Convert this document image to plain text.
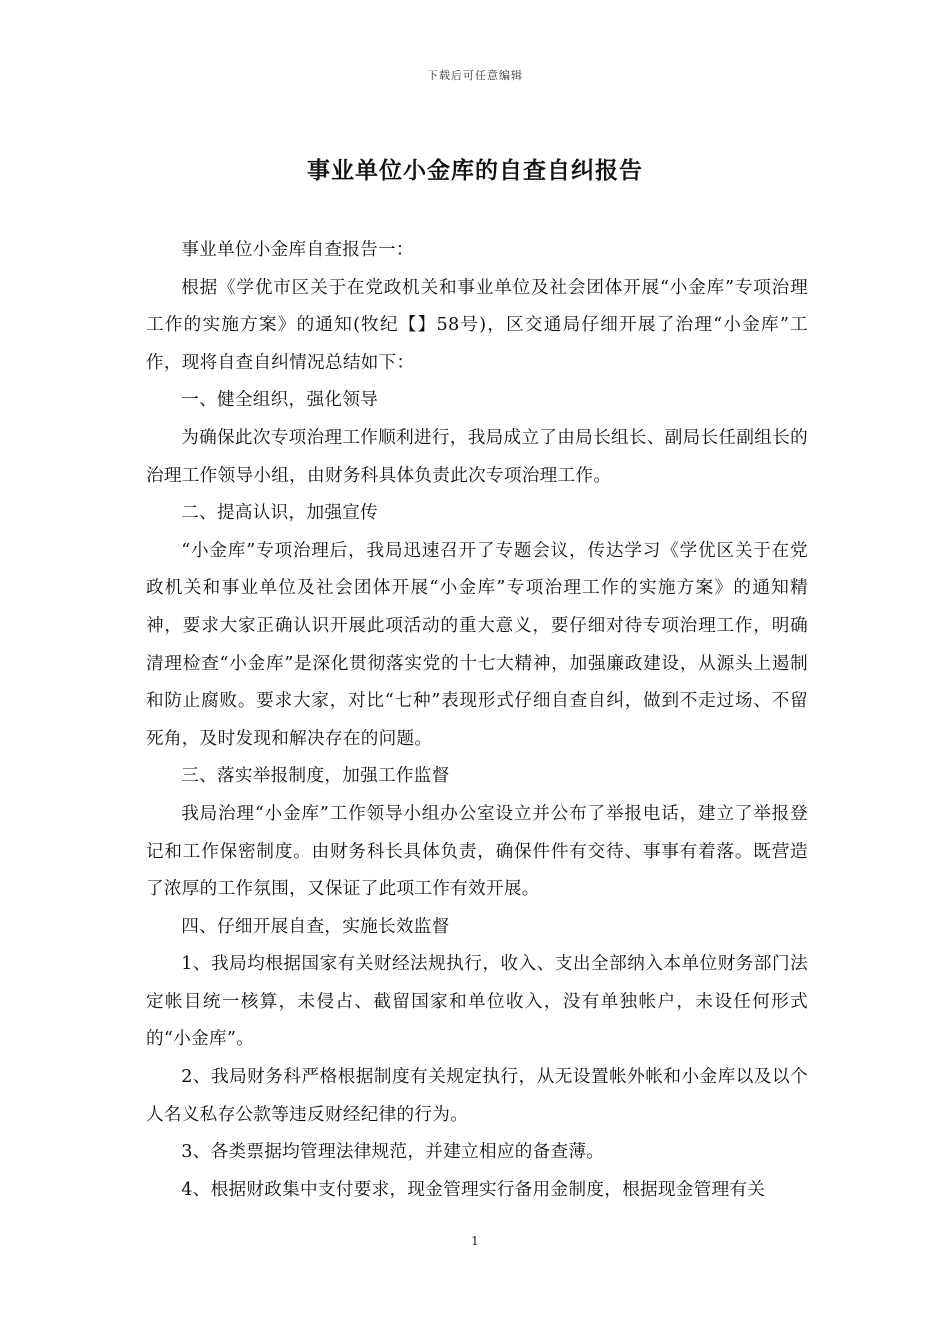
下载后可任意编辑
事业单位小金库的自查自纠报告

事业单位小金库自查报告一：

根据《学优市区关于在党政机关和事业单位及社会团体开展“小金库”专项治理工作的实施方案》的通知(牧纪【】58号)，区交通局仔细开展了治理“小金库”工作，现将自查自纠情况总结如下：

一、健全组织，强化领导

为确保此次专项治理工作顺利进行，我局成立了由局长组长、副局长任副组长的治理工作领导小组，由财务科具体负责此次专项治理工作。

二、提高认识，加强宣传

“小金库”专项治理后，我局迅速召开了专题会议，传达学习《学优区关于在党政机关和事业单位及社会团体开展“小金库”专项治理工作的实施方案》的通知精神，要求大家正确认识开展此项活动的重大意义，要仔细对待专项治理工作，明确清理检查“小金库”是深化贯彻落实党的十七大精神，加强廉政建设，从源头上遏制和防止腐败。要求大家，对比“七种”表现形式仔细自查自纠，做到不走过场、不留死角，及时发现和解决存在的问题。

三、落实举报制度，加强工作监督

我局治理“小金库”工作领导小组办公室设立并公布了举报电话，建立了举报登记和工作保密制度。由财务科长具体负责，确保件件有交待、事事有着落。既营造了浓厚的工作氛围，又保证了此项工作有效开展。

四、仔细开展自查，实施长效监督

1、我局均根据国家有关财经法规执行，收入、支出全部纳入本单位财务部门法定帐目统一核算，未侵占、截留国家和单位收入，没有单独帐户，未设任何形式的“小金库”。

2、我局财务科严格根据制度有关规定执行，从无设置帐外帐和小金库以及以个人名义私存公款等违反财经纪律的行为。

3、各类票据均管理法律规范，并建立相应的备查薄。

4、根据财政集中支付要求，现金管理实行备用金制度，根据现金管理有关

1
